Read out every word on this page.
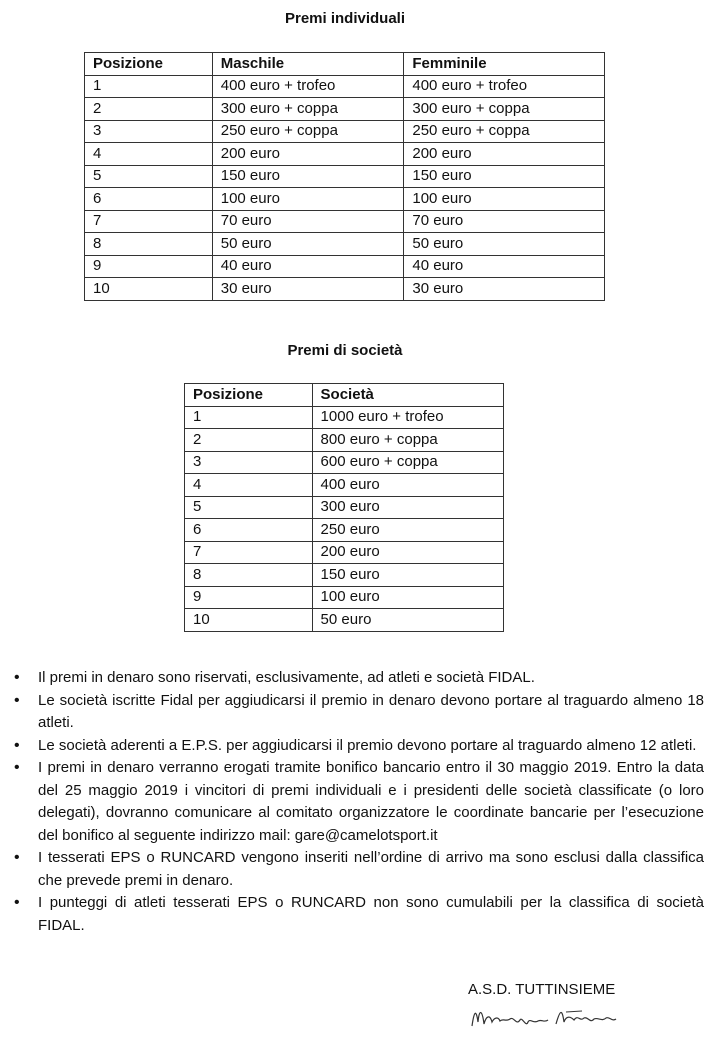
Premi individuali
Posizione	Maschile	Femminile
1	400 euro + trofeo	400 euro + trofeo
2	300 euro + coppa	300 euro + coppa
3	250 euro + coppa	250 euro + coppa
4	200 euro	200 euro
5	150 euro	150 euro
6	100 euro	100 euro
7	70 euro	70 euro
8	50 euro	50 euro
9	40 euro	40 euro
10	30 euro	30 euro
Premi di società
Posizione	Società
1	1000 euro + trofeo
2	800 euro + coppa
3	600 euro + coppa
4	400 euro
5	300 euro
6	250 euro
7	200 euro
8	150 euro
9	100 euro
10	50 euro
• Il premi in denaro sono riservati, esclusivamente, ad atleti e società FIDAL.
• Le società iscritte Fidal per aggiudicarsi il premio in denaro devono portare al traguardo almeno 18 atleti.
• Le società aderenti a E.P.S. per aggiudicarsi il premio devono portare al traguardo almeno 12 atleti.
• I premi in denaro verranno erogati tramite bonifico bancario entro il 30 maggio 2019. Entro la data del 25 maggio 2019 i vincitori di premi individuali e i presidenti delle società classificate (o loro delegati), dovranno comunicare al comitato organizzatore le coordinate bancarie per l’esecuzione del bonifico al seguente indirizzo mail: gare@camelotsport.it
• I tesserati EPS o RUNCARD vengono inseriti nell’ordine di arrivo ma sono esclusi dalla classifica che prevede premi in denaro.
• I punteggi di atleti tesserati EPS o RUNCARD non sono cumulabili per la classifica di società FIDAL.
A.S.D. TUTTINSIEME
